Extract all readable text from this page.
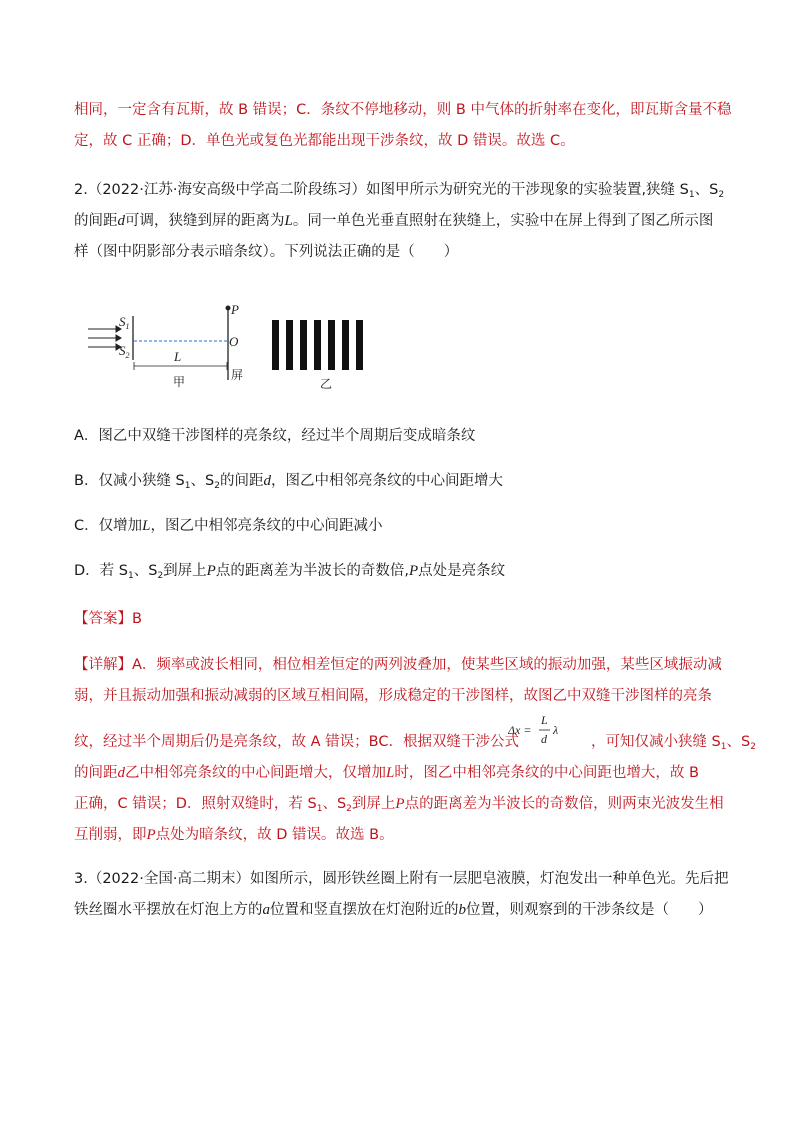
相同，一定含有瓦斯，故 B 错误；C．条纹不停地移动，则 B 中气体的折射率在变化，即瓦斯含量不稳
定，故 C 正确；D．单色光或复色光都能出现干涉条纹，故 D 错误。故选 C。
2.（2022·江苏·海安高级中学高二阶段练习）如图甲所示为研究光的干涉现象的实验装置,狭缝 $S_1$、$S_2$
的间距d可调，狭缝到屏的距离为L。同一单色光垂直照射在狭缝上，实验中在屏上得到了图乙所示图
样（图中阴影部分表示暗条纹）。下列说法正确的是（　　）
$S_1$
$S_2$
P
O
L
甲	屏
乙
A．图乙中双缝干涉图样的亮条纹，经过半个周期后变成暗条纹
B．仅减小狭缝 $S_1$、$S_2$的间距d，图乙中相邻亮条纹的中心间距增大
C．仅增加L，图乙中相邻亮条纹的中心间距减小
D．若 $S_1$、$S_2$到屏上P点的距离差为半波长的奇数倍,P点处是亮条纹
【答案】B
【详解】A．频率或波长相同，相位相差恒定的两列波叠加，使某些区域的振动加强，某些区域振动减
弱，并且振动加强和振动减弱的区域互相间隔，形成稳定的干涉图样，故图乙中双缝干涉图样的亮条
纹，经过半个周期后仍是亮条纹，故 A 错误；BC．根据双缝干涉公式	，可知仅减小狭缝 $S_1$、$S_2$
Δx =
L
d
λ
的间距d乙中相邻亮条纹的中心间距增大，仅增加L时，图乙中相邻亮条纹的中心间距也增大，故 B
正确，C 错误；D．照射双缝时，若 $S_1$、$S_2$到屏上P点的距离差为半波长的奇数倍，则两束光波发生相
互削弱，即P点处为暗条纹，故 D 错误。故选 B。
3.（2022·全国·高二期末）如图所示，圆形铁丝圈上附有一层肥皂液膜，灯泡发出一种单色光。先后把
铁丝圈水平摆放在灯泡上方的a位置和竖直摆放在灯泡附近的b位置，则观察到的干涉条纹是（　　）
